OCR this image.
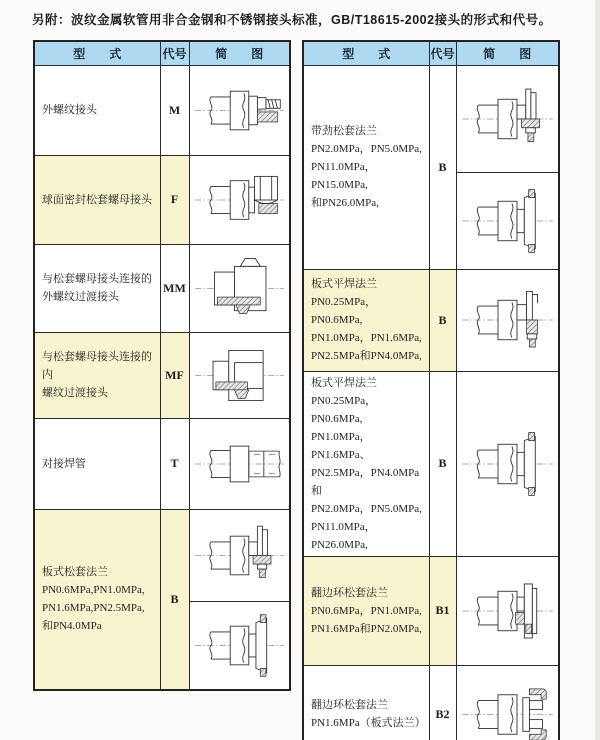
另附：波纹金属软管用非合金钢和不锈钢接头标准，GB/T18615-2002接头的形式和代号。
型　　式	代号	简　　图

外螺纹接头	M	

球面密封松套螺母接头	F	

与松套螺母接头连接的
外螺纹过渡接头	MM	

与松套螺母接头连接的内
螺纹过渡接头	MF	

对接焊管	T	

板式松套法兰
PN0.6MPa,PN1.0MPa,
PN1.6MPa,PN2.5MPa,
和PN4.0MPa	B	
型　　式	代号	简　　图

带劲松套法兰
PN2.0MPa，PN5.0MPa,
PN11.0MPa，PN15.0MPa,
和PN26.0MPa,	B	

板式平焊法兰
PN0.25MPa，PN0.6MPa,
PN1.0MPa，PN1.6MPa,
PN2.5MPa和PN4.0MPa,	B	

板式平焊法兰
PN0.25MPa，PN0.6MPa,
PN1.0MPa，PN1.6MPa、
PN2.5MPa，PN4.0MPa和
PN2.0MPa，PN5.0MPa,
PN11.0MPa，PN26.0MPa,
	B	

翻边环松套法兰
PN0.6MPa，PN1.0MPa,
PN1.6MPa和PN2.0MPa,	B1	

翻边环松套法兰
PN1.6MPa（板式法兰）	B2	
